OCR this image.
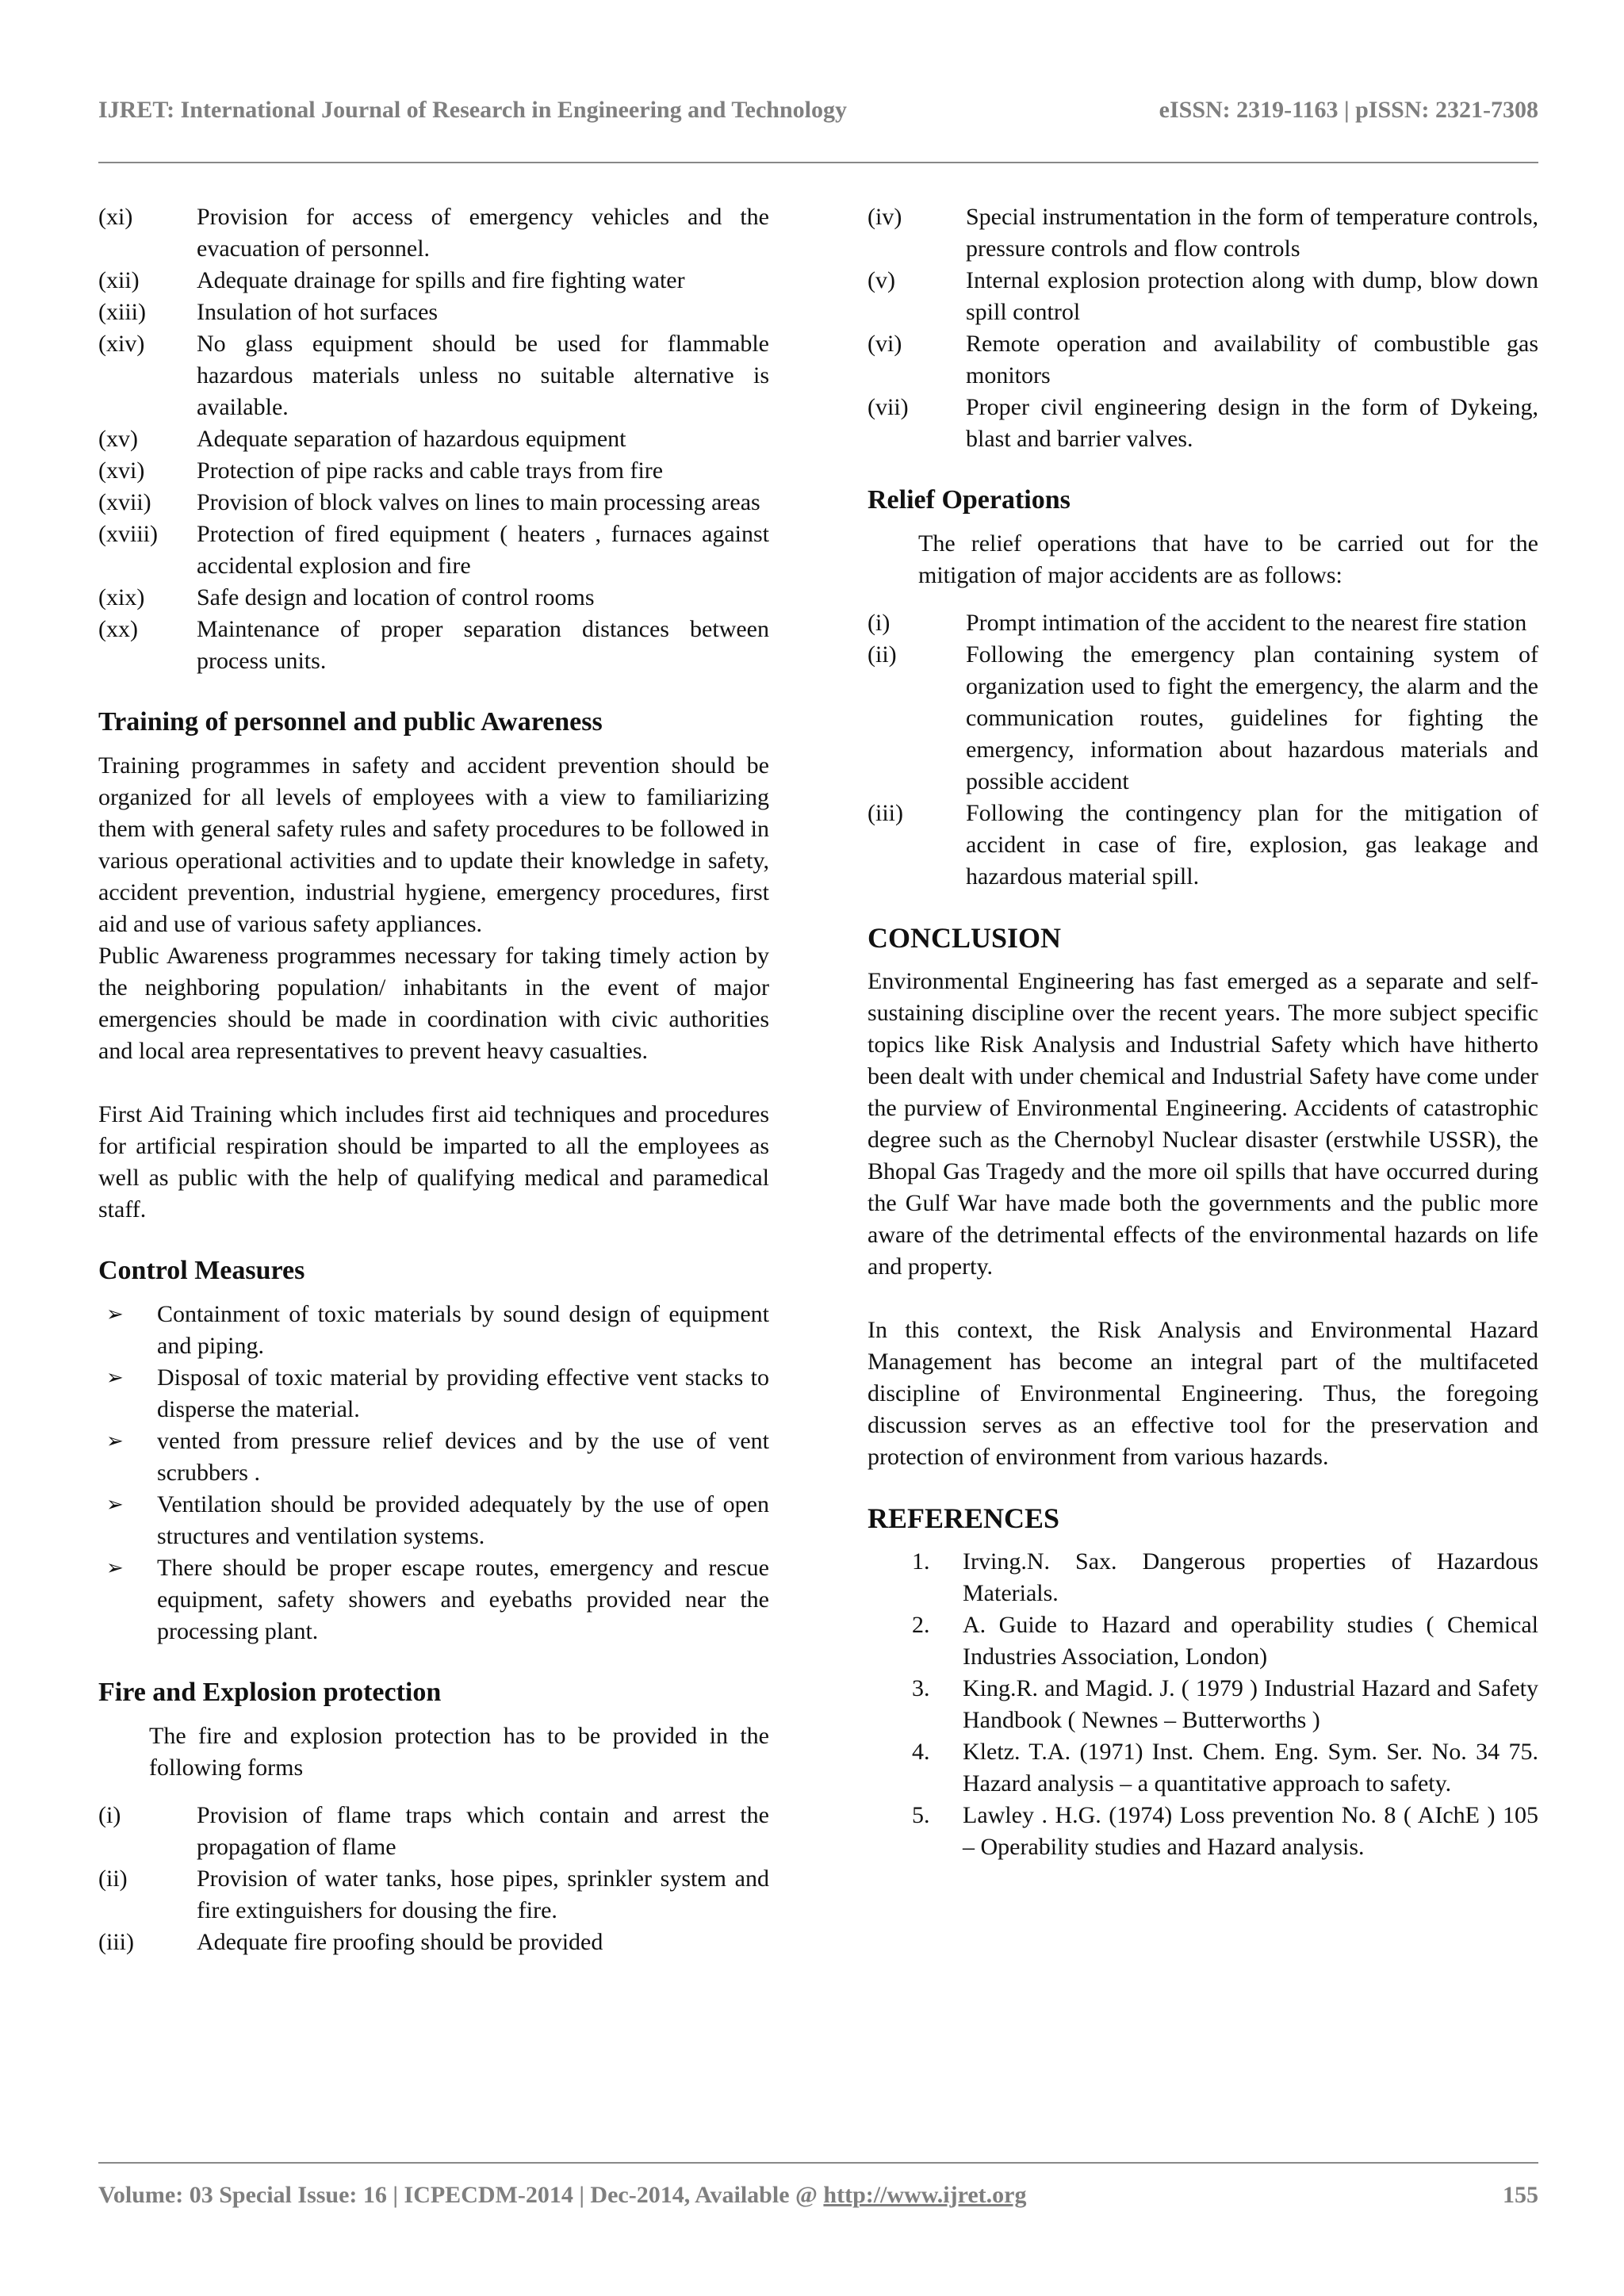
IJRET: International Journal of Research in Engineering and Technology	eISSN: 2319-1163 | pISSN: 2321-7308
(xi)	Provision for access of emergency vehicles and the evacuation of personnel.
(xii)	Adequate drainage for spills and fire fighting water
(xiii)	Insulation of hot surfaces
(xiv)	No glass equipment should be used for flammable hazardous materials unless no suitable alternative is available.
(xv)	Adequate separation of hazardous equipment
(xvi)	Protection of pipe racks and cable trays from fire
(xvii)	Provision of block valves on lines to main processing areas
(xviii)	Protection of fired equipment ( heaters , furnaces against accidental explosion and fire
(xix)	Safe design and location of control rooms
(xx)	Maintenance of proper separation distances between process units.
Training of personnel and public Awareness

Training programmes in safety and accident prevention should be organized for all levels of employees with a view to familiarizing them with general safety rules and safety procedures to be followed in various operational activities and to update their knowledge in safety, accident prevention, industrial hygiene, emergency procedures, first aid and use of various safety appliances.

Public Awareness programmes necessary for taking timely action by the neighboring population/ inhabitants in the event of major emergencies should be made in coordination with civic authorities and local area representatives to prevent heavy casualties.

First Aid Training which includes first aid techniques and procedures for artificial respiration should be imparted to all the employees as well as public with the help of qualifying medical and paramedical staff.

Control Measures
➢	Containment of toxic materials by sound design of equipment and piping.
➢	Disposal of toxic material by providing effective vent stacks to disperse the material.
➢	vented from pressure relief devices and by the use of vent scrubbers .
➢	Ventilation should be provided adequately by the use of open structures and ventilation systems.
➢	There should be proper escape routes, emergency and rescue equipment, safety showers and eyebaths provided near the processing plant.
Fire and Explosion protection

The fire and explosion protection has to be provided in the following forms

(i)	Provision of flame traps which contain and arrest the propagation of flame
(ii)	Provision of water tanks, hose pipes, sprinkler system and fire extinguishers for dousing the fire.
(iii)	Adequate fire proofing should be provided
(iv)	Special instrumentation in the form of temperature controls, pressure controls and flow controls
(v)	Internal explosion protection along with dump, blow down spill control
(vi)	Remote operation and availability of combustible gas monitors
(vii)	Proper civil engineering design in the form of Dykeing, blast and barrier valves.
Relief Operations

The relief operations that have to be carried out for the mitigation of major accidents are as follows:

(i)	Prompt intimation of the accident to the nearest fire station
(ii)	Following the emergency plan containing system of organization used to fight the emergency, the alarm and the communication routes, guidelines for fighting the emergency, information about hazardous materials and possible accident
(iii)	Following the contingency plan for the mitigation of accident in case of fire, explosion, gas leakage and hazardous material spill.
CONCLUSION

Environmental Engineering has fast emerged as a separate and self-sustaining discipline over the recent years. The more subject specific topics like Risk Analysis and Industrial Safety which have hitherto been dealt with under chemical and Industrial Safety have come under the purview of Environmental Engineering. Accidents of catastrophic degree such as the Chernobyl Nuclear disaster (erstwhile USSR), the Bhopal Gas Tragedy and the more oil spills that have occurred during the Gulf War have made both the governments and the public more aware of the detrimental effects of the environmental hazards on life and property.

In this context, the Risk Analysis and Environmental Hazard Management has become an integral part of the multifaceted discipline of Environmental Engineering. Thus, the foregoing discussion serves as an effective tool for the preservation and protection of environment from various hazards.

REFERENCES
1.	Irving.N. Sax. Dangerous properties of Hazardous Materials.
2.	A. Guide to Hazard and operability studies ( Chemical Industries Association, London)
3.	King.R. and Magid. J. ( 1979 ) Industrial Hazard and Safety Handbook ( Newnes – Butterworths )
4.	Kletz. T.A. (1971) Inst. Chem. Eng. Sym. Ser. No. 34 75. Hazard analysis – a quantitative approach to safety.
5.	Lawley . H.G. (1974) Loss prevention No. 8 ( AIchE ) 105 – Operability studies and Hazard analysis.
Volume: 03 Special Issue: 16 | ICPECDM-2014 | Dec-2014, Available @ http://www.ijret.org	155
